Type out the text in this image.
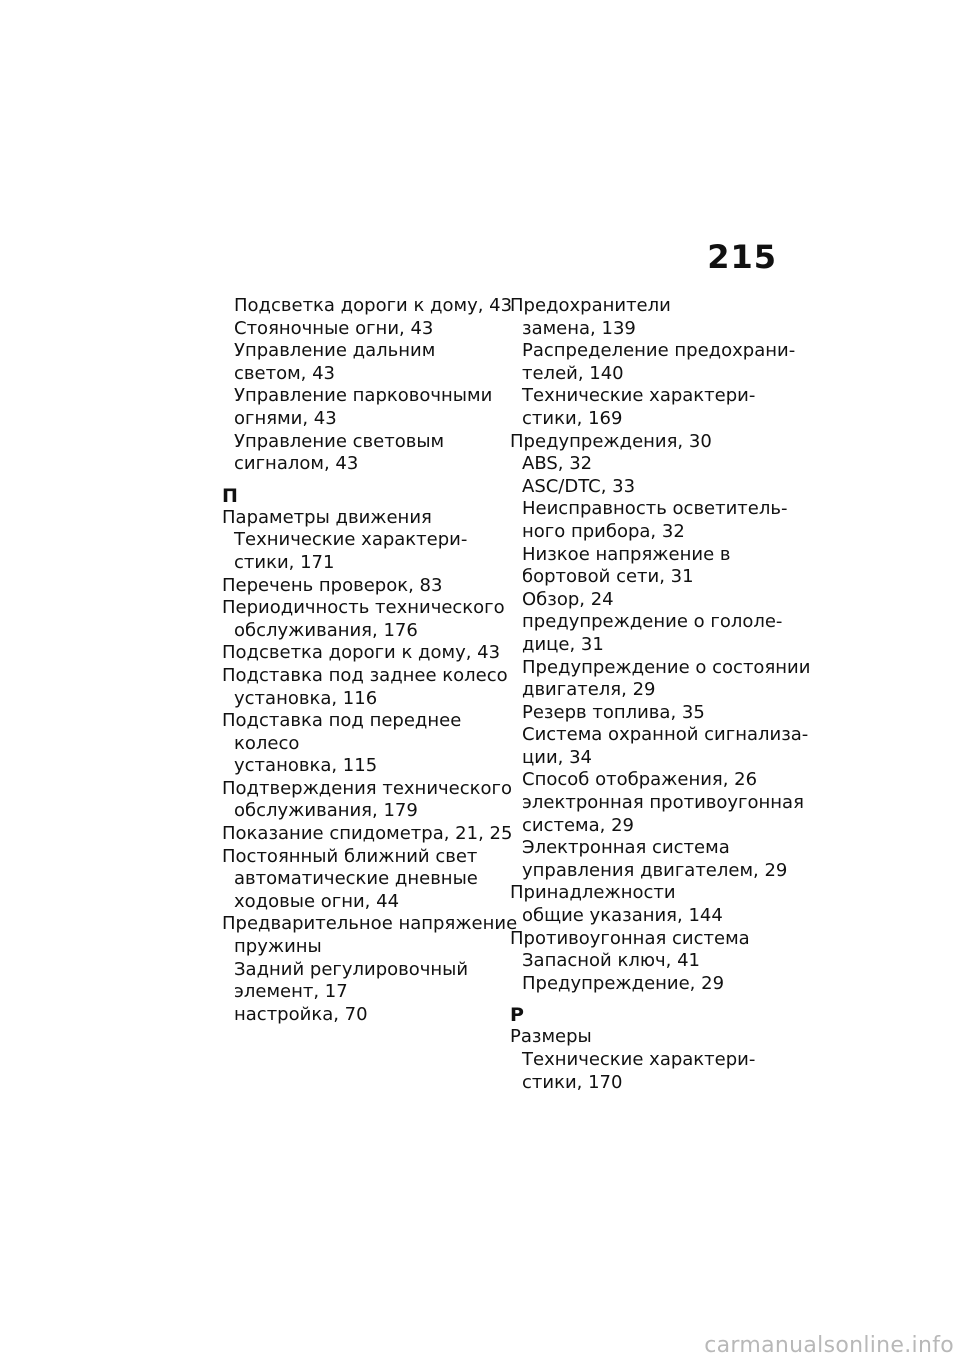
215
Подсветка дороги к дому, 43
Стояночные огни, 43
Управление дальним
светом, 43
Управление парковочными
огнями, 43
Управление световым
сигналом, 43
П
Параметры движения
Технические характери-
стики, 171
Перечень проверок, 83
Периодичность технического
обслуживания, 176
Подсветка дороги к дому, 43
Подставка под заднее колесо
установка, 116
Подставка под переднее
колесо
установка, 115
Подтверждения технического
обслуживания, 179
Показание спидометра, 21, 25
Постоянный ближний свет
автоматические дневные
ходовые огни, 44
Предварительное напряжение
пружины
Задний регулировочный
элемент, 17
настройка, 70
Предохранители
замена, 139
Распределение предохрани-
телей, 140
Технические характери-
стики, 169
Предупреждения, 30
ABS, 32
ASC/DTC, 33
Неисправность осветитель-
ного прибора, 32
Низкое напряжение в
бортовой сети, 31
Обзор, 24
предупреждение о гололе-
дице, 31
Предупреждение о состоянии
двигателя, 29
Резерв топлива, 35
Система охранной сигнализа-
ции, 34
Способ отображения, 26
электронная противоугонная
система, 29
Электронная система
управления двигателем, 29
Принадлежности
общие указания, 144
Противоугонная система
Запасной ключ, 41
Предупреждение, 29
Р
Размеры
Технические характери-
стики, 170
carmanualsonline.info
